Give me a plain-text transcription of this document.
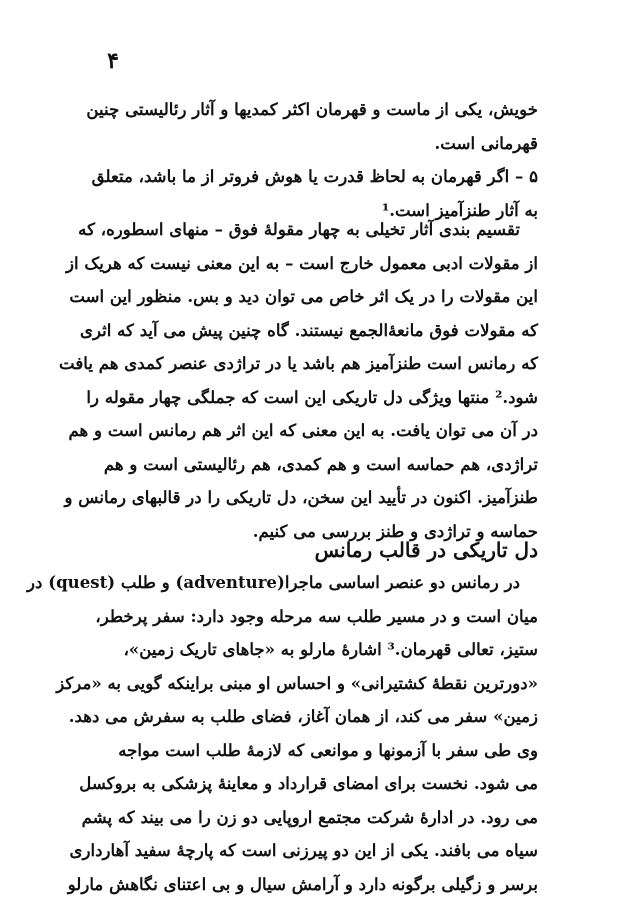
۴
خویش، یکی از ماست و قهرمان اکثر کمدیها و آثار رئالیستی چنین
قهرمانی است.
۵ – اگر قهرمان به لحاظ قدرت یا هوش فروتر از ما باشد، متعلق
به آثار طنزآمیز است.¹
تقسیم بندی آثار تخیلی به چهار مقولهٔ فوق – منهای اسطوره، که
از مقولات ادبی معمول خارج است – به این معنی نیست که هریک از
این مقولات را در یک اثر خاص می توان دید و بس. منظور این است
که مقولات فوق مانعهٔ‌الجمع نیستند. گاه چنین پیش می آید که اثری
که رمانس است طنزآمیز هم باشد یا در تراژدی عنصر کمدی هم یافت
شود.² منتها ویژگی دل تاریکی این است که جملگی چهار مقوله را
در آن می توان یافت. به این معنی که این اثر هم رمانس است و هم
تراژدی، هم حماسه است و هم کمدی، هم رئالیستی است و هم
طنزآمیز. اکنون در تأیید این سخن، دل تاریکی را در قالبهای رمانس و
حماسه و تراژدی و طنز بررسی می کنیم.
دل تاریکی در قالب رمانس
در رمانس دو عنصر اساسی ماجرا(adventure) و طلب (quest) در
میان است و در مسیر طلب سه مرحله وجود دارد: سفر پرخطر،
ستیز، تعالی قهرمان.³ اشارهٔ مارلو به «جاهای تاریک زمین»،
«دورترین نقطهٔ کشتیرانی» و احساس او مبنی براینکه گویی به «مرکز
زمین» سفر می کند، از همان آغاز، فضای طلب به سفرش می دهد.
وی طی سفر با آزمونها و موانعی که لازمهٔ طلب است مواجه
می شود. نخست برای امضای قرارداد و معاینهٔ پزشکی به بروکسل
می رود. در ادارهٔ شرکت مجتمع اروپایی دو زن را می بیند که پشم
سیاه می بافند. یکی از این دو پیرزنی است که پارچهٔ سفید آهارداری
برسر و زگیلی برگونه دارد و آرامش سیال و بی اعتنای نگاهش مارلو
